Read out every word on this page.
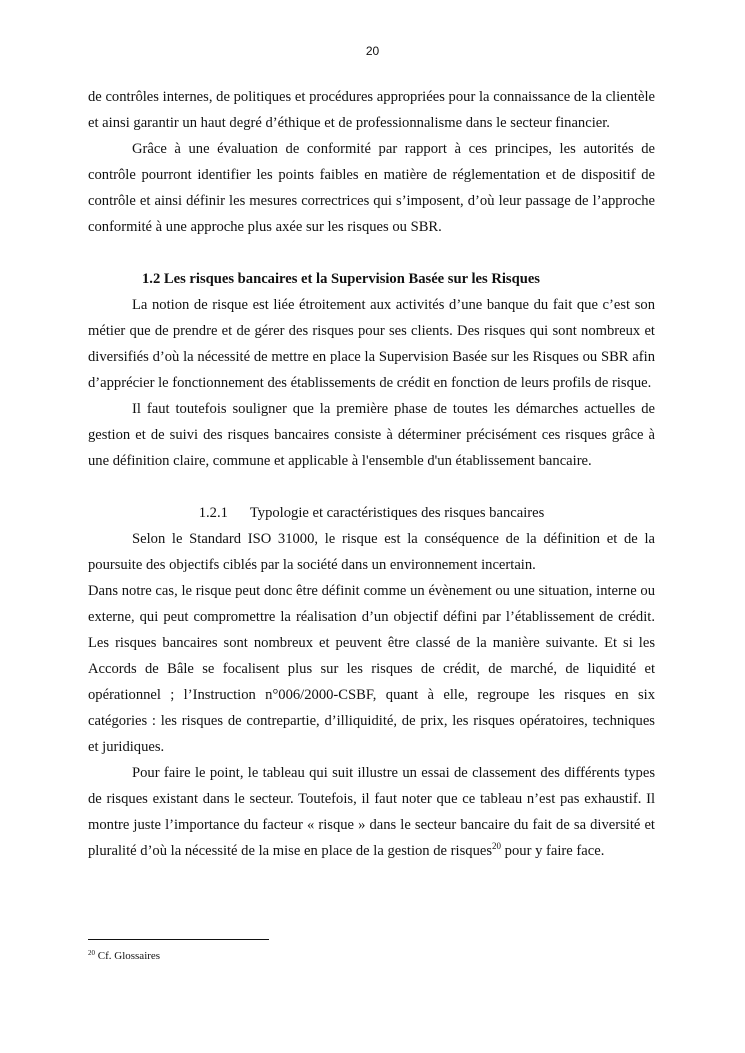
20

de contrôles internes, de politiques et procédures appropriées pour la connaissance de la clientèle et ainsi garantir un haut degré d’éthique et de professionnalisme dans le secteur financier.

Grâce à une évaluation de conformité par rapport à ces principes, les autorités de contrôle pourront identifier les points faibles en matière de réglementation et de dispositif de contrôle et ainsi définir les mesures correctrices qui s’imposent, d’où leur passage de l’approche conformité à une approche plus axée sur les risques ou SBR.

1.2 Les risques bancaires et la Supervision Basée sur les Risques

La notion de risque est liée étroitement aux activités d’une banque du fait que c’est son métier que de prendre et de gérer des risques pour ses clients. Des risques qui sont nombreux et diversifiés d’où la nécessité de mettre en place la Supervision Basée sur les Risques ou SBR afin d’apprécier le fonctionnement des établissements de crédit en fonction de leurs profils de risque.

Il faut toutefois souligner que la première phase de toutes les démarches actuelles de gestion et de suivi des risques bancaires consiste à déterminer précisément ces risques grâce à une définition claire, commune et applicable à l'ensemble d'un établissement bancaire.

1.2.1 Typologie et caractéristiques des risques bancaires

Selon le Standard ISO 31000, le risque est la conséquence de la définition et de la poursuite des objectifs ciblés par la société dans un environnement incertain.

Dans notre cas, le risque peut donc être définit comme un évènement ou une situation, interne ou externe, qui peut compromettre la réalisation d’un objectif défini par l’établissement de crédit. Les risques bancaires sont nombreux et peuvent être classé de la manière suivante. Et si les Accords de Bâle se focalisent plus sur les risques de crédit, de marché, de liquidité et opérationnel ; l’Instruction n°006/2000-CSBF, quant à elle, regroupe les risques en six catégories : les risques de contrepartie, d’illiquidité, de prix, les risques opératoires, techniques et juridiques.

Pour faire le point, le tableau qui suit illustre un essai de classement des différents types de risques existant dans le secteur. Toutefois, il faut noter que ce tableau n’est pas exhaustif. Il montre juste l’importance du facteur « risque » dans le secteur bancaire du fait de sa diversité et pluralité d’où la nécessité de la mise en place de la gestion de risques$^{20}$ pour y faire face.

$^{20}$ Cf. Glossaires
